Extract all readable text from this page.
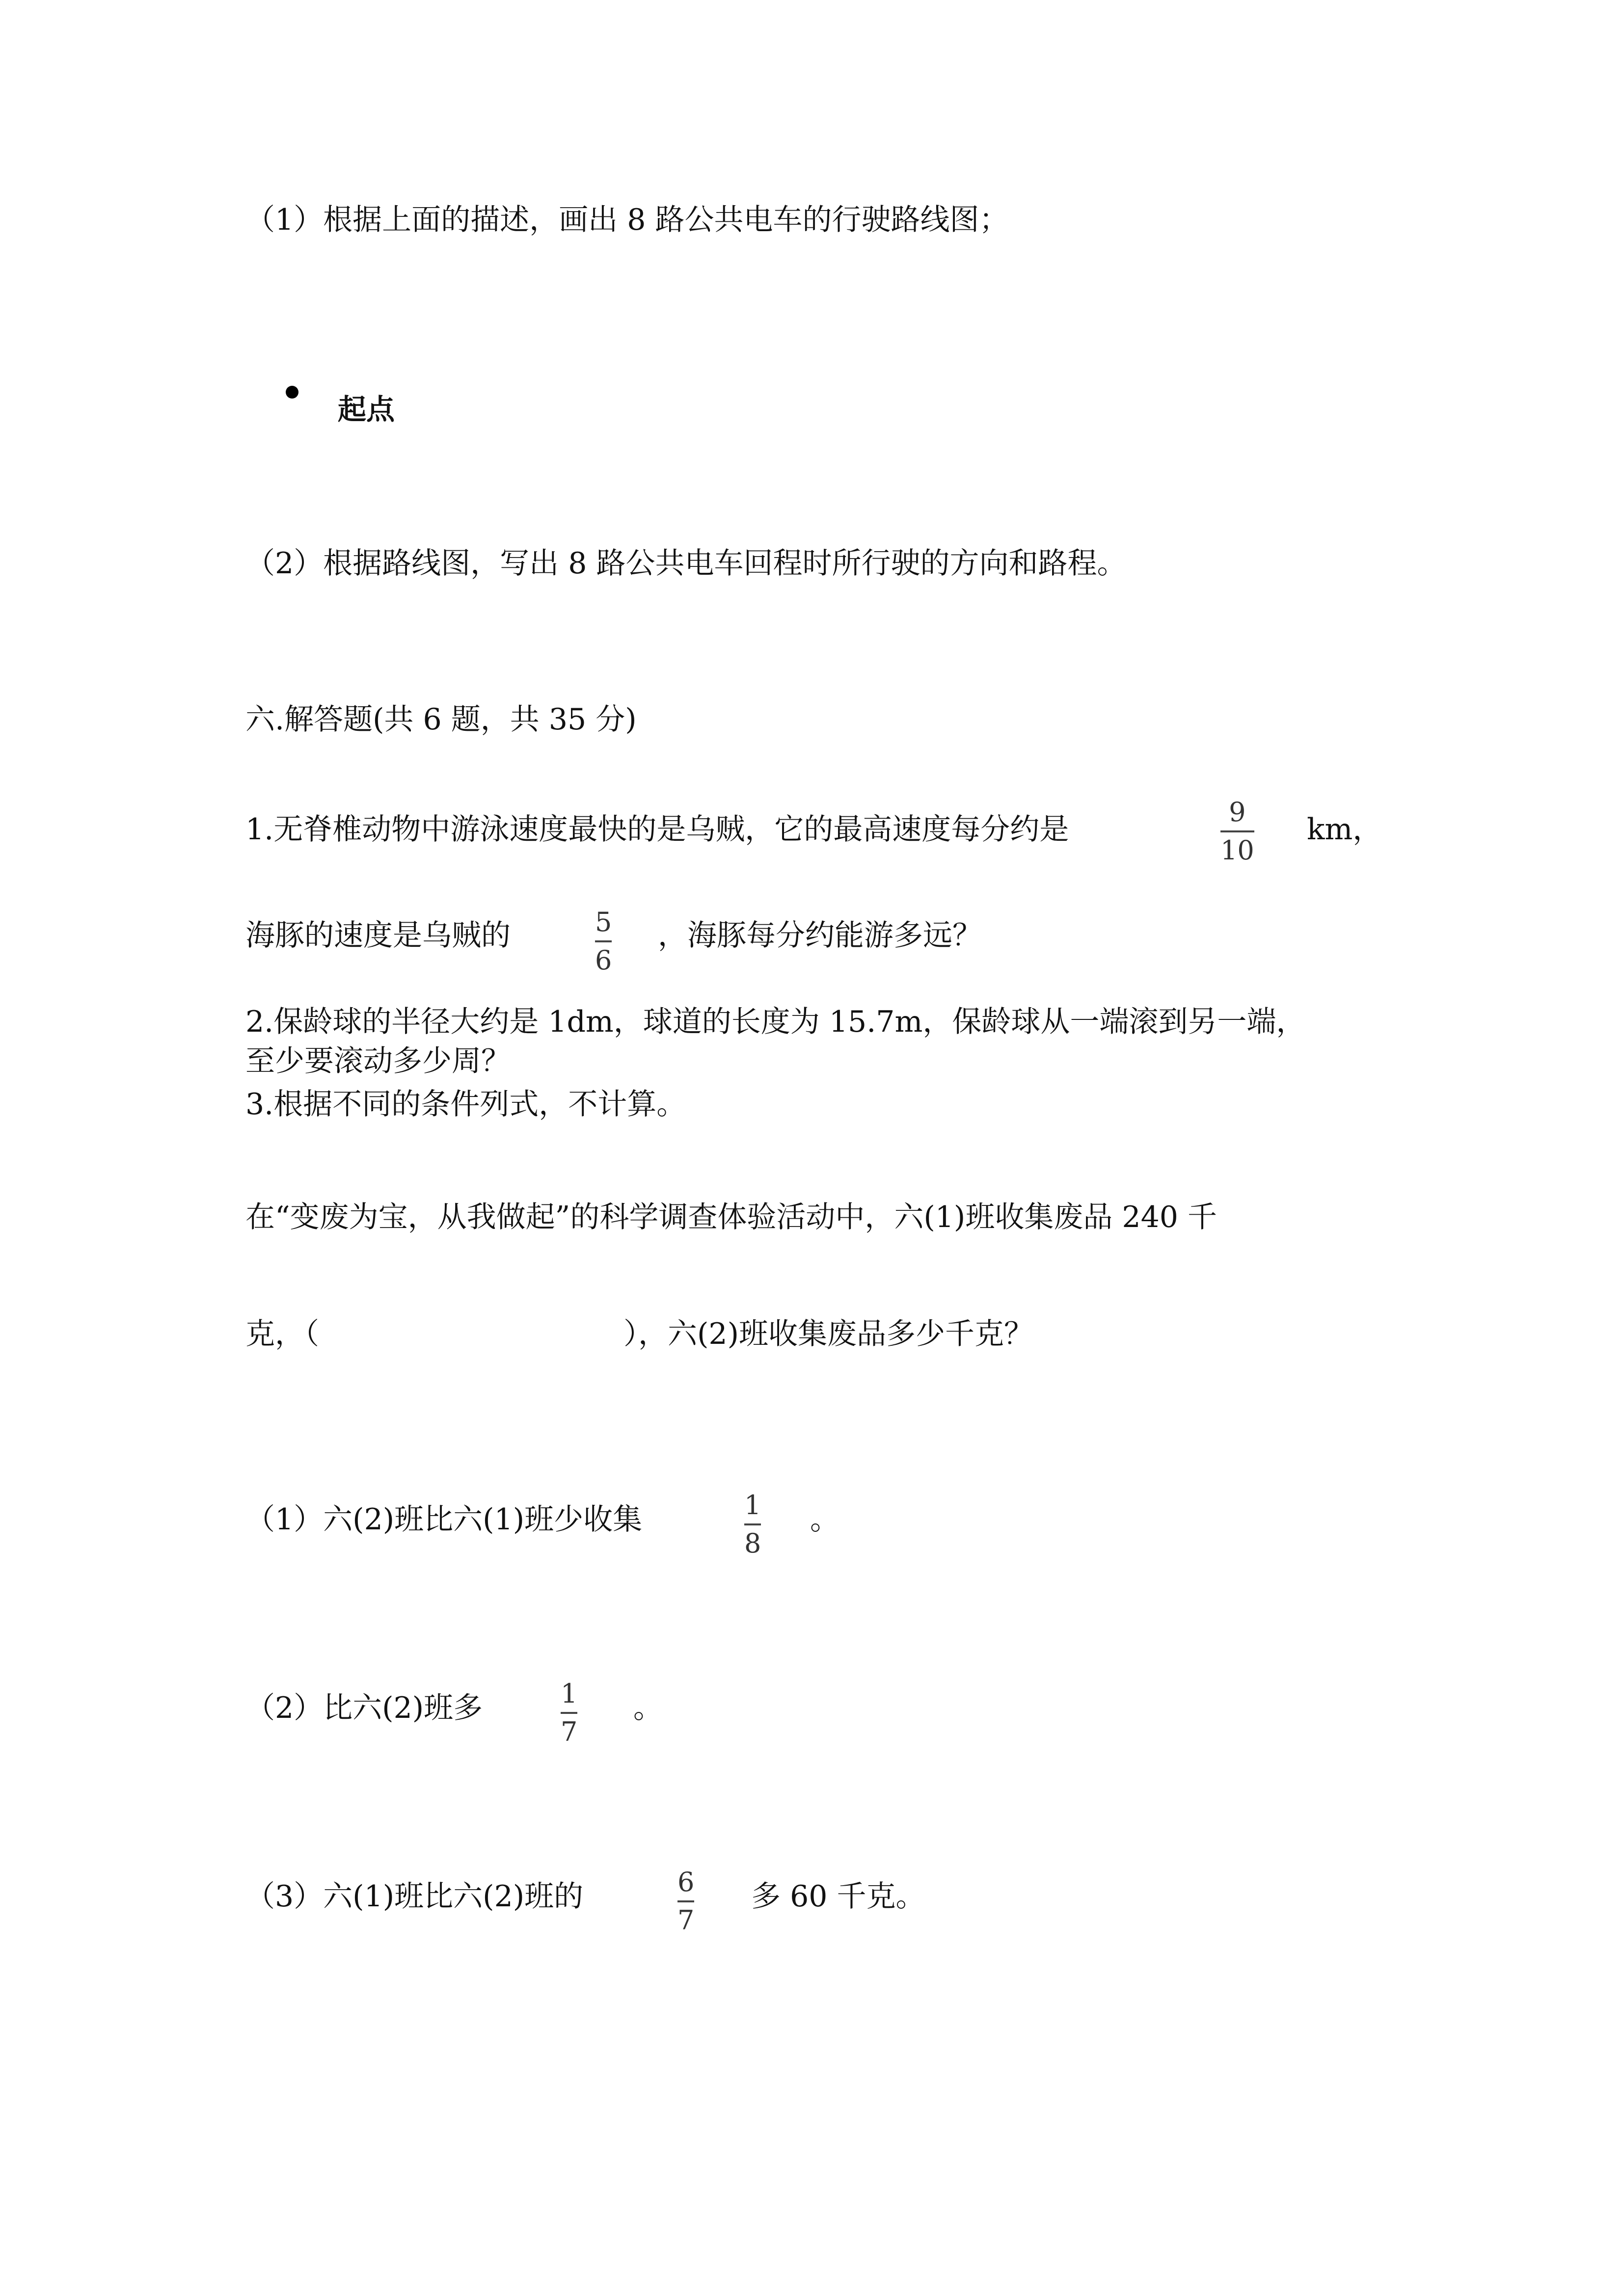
（1）根据上面的描述，画出 8 路公共电车的行驶路线图；
起点
（2）根据路线图，写出 8 路公共电车回程时所行驶的方向和路程。
六.解答题(共 6 题，共 35 分)
1.无脊椎动物中游泳速度最快的是乌贼，它的最高速度每分约是
9
10
km，
海豚的速度是乌贼的	5
6
，海豚每分约能游多远？
2.保龄球的半径大约是 1dm，球道的长度为 15.7m，保龄球从一端滚到另一端，
至少要滚动多少周？
3.根据不同的条件列式，不计算。
在“变废为宝，从我做起”的科学调查体验活动中，六(1)班收集废品 240 千
克，（	），六(2)班收集废品多少千克？
（1）六(2)班比六(1)班少收集	1
8
。
（2）比六(2)班多	1
7
。
（3）六(1)班比六(2)班的	6
7
多 60 千克。
